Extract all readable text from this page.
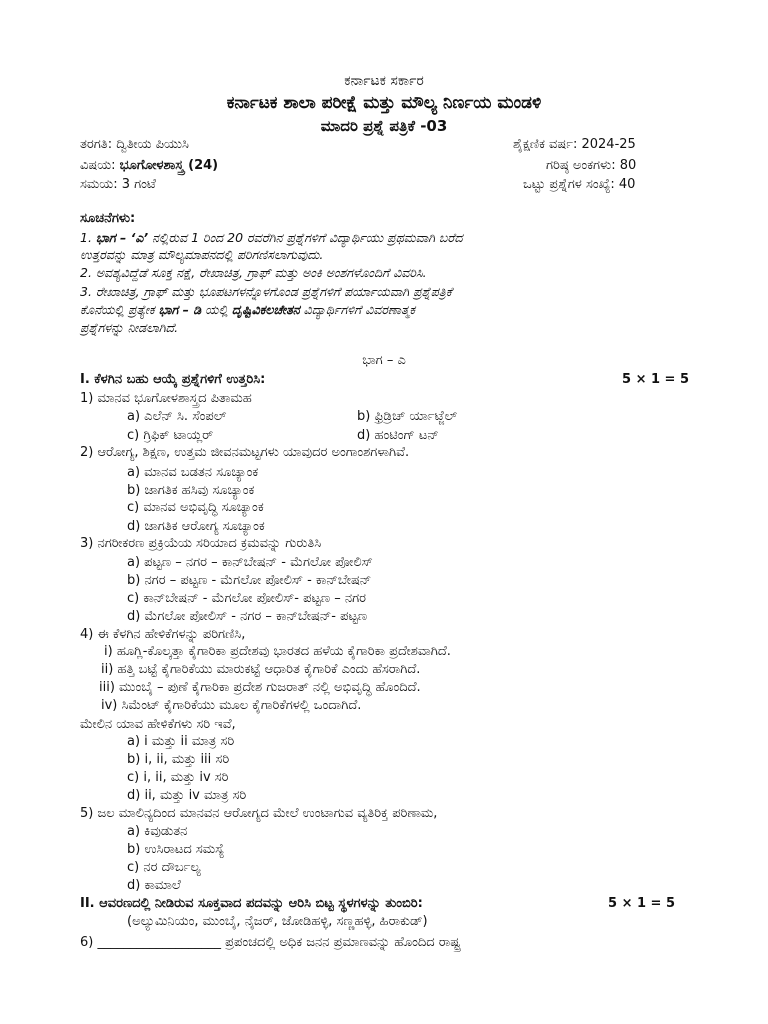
ಕರ್ನಾಟಕ ಸರ್ಕಾರ
ಕರ್ನಾಟಕ ಶಾಲಾ ಪರೀಕ್ಷೆ ಮತ್ತು ಮೌಲ್ಯ ನಿರ್ಣಯ ಮಂಡಳಿ
ಮಾದರಿ ಪ್ರಶ್ನೆ ಪತ್ರಿಕೆ -03
ತರಗತಿ: ದ್ವಿತೀಯ ಪಿಯುಸಿ	ಶೈಕ್ಷಣಿಕ ವರ್ಷ: 2024-25
ವಿಷಯ: ಭೂಗೋಳಶಾಸ್ತ್ರ (24)	ಗರಿಷ್ಠ ಅಂಕಗಳು: 80
ಸಮಯ: 3 ಗಂಟೆ	ಒಟ್ಟು ಪ್ರಶ್ನೆಗಳ ಸಂಖ್ಯೆ: 40
ಸೂಚನೆಗಳು:
1. ಭಾಗ – ‘ಎ’ ನಲ್ಲಿರುವ 1 ರಿಂದ 20 ರವರೆಗಿನ ಪ್ರಶ್ನೆಗಳಿಗೆ ವಿದ್ಯಾರ್ಥಿಯು ಪ್ರಥಮವಾಗಿ ಬರೆದ
ಉತ್ತರವನ್ನು ಮಾತ್ರ ಮೌಲ್ಯಮಾಪನದಲ್ಲಿ ಪರಿಗಣಿಸಲಾಗುವುದು.
2. ಅವಶ್ಯವಿದ್ದೆಡೆ ಸೂಕ್ತ ನಕ್ಷೆ, ರೇಖಾಚಿತ್ರ, ಗ್ರಾಫ್ ಮತ್ತು ಅಂಕಿ ಅಂಶಗಳೊಂದಿಗೆ ವಿವರಿಸಿ.
3. ರೇಖಾಚಿತ್ರ, ಗ್ರಾಫ್ ಮತ್ತು ಭೂಪಟಗಳನ್ನೊಳಗೊಂಡ ಪ್ರಶ್ನೆಗಳಿಗೆ ಪರ್ಯಾಯವಾಗಿ ಪ್ರಶ್ನೆಪತ್ರಿಕೆ
ಕೊನೆಯಲ್ಲಿ ಪ್ರತ್ಯೇಕ ಭಾಗ – ಡಿ ಯಲ್ಲಿ ದೃಷ್ಟಿವಿಕಲಚೇತನ ವಿದ್ಯಾರ್ಥಿಗಳಿಗೆ ವಿವರಣಾತ್ಮಕ
ಪ್ರಶ್ನೆಗಳನ್ನು ನೀಡಲಾಗಿದೆ.
ಭಾಗ – ಎ
I. ಕೆಳಗಿನ ಬಹು ಆಯ್ಕೆ ಪ್ರಶ್ನೆಗಳಿಗೆ ಉತ್ತರಿಸಿ:	5 × 1 = 5
1) ಮಾನವ ಭೂಗೋಳಶಾಸ್ತ್ರದ ಪಿತಾಮಹ
a) ಎಲೆನ್ ಸಿ. ಸೆಂಪಲ್	b) ಫ್ರಿಡ್ರಿಚ್ ರ್ಯಾಟ್ಜೆಲ್
c) ಗ್ರಿಫಿಕ್ ಟಾಯ್ಲರ್	d) ಹಂಟಿಂಗ್ ಟನ್
2) ಆರೋಗ್ಯ, ಶಿಕ್ಷಣ, ಉತ್ತಮ ಜೀವನಮಟ್ಟಗಳು ಯಾವುದರ ಅಂಗಾಂಶಗಳಾಗಿವೆ.
a) ಮಾನವ ಬಡತನ ಸೂಚ್ಯಾಂಕ
b) ಜಾಗತಿಕ ಹಸಿವು ಸೂಚ್ಯಾಂಕ
c) ಮಾನವ ಅಭಿವೃದ್ಧಿ ಸೂಚ್ಯಾಂಕ
d) ಜಾಗತಿಕ ಆರೋಗ್ಯ ಸೂಚ್ಯಾಂಕ
3) ನಗರೀಕರಣ ಪ್ರಕ್ರಿಯೆಯ ಸರಿಯಾದ ಕ್ರಮವನ್ನು ಗುರುತಿಸಿ
a) ಪಟ್ಟಣ – ನಗರ – ಕಾನ್‌ಬೇಷನ್ - ಮೆಗಲೋ ಪೋಲಿಸ್
b) ನಗರ – ಪಟ್ಟಣ - ಮೆಗಲೋ ಪೋಲಿಸ್ - ಕಾನ್‌ಬೇಷನ್
c) ಕಾನ್‌ಬೇಷನ್ - ಮೆಗಲೋ ಪೋಲಿಸ್- ಪಟ್ಟಣ – ನಗರ
d) ಮೆಗಲೋ ಪೋಲಿಸ್ - ನಗರ – ಕಾನ್‌ಬೇಷನ್- ಪಟ್ಟಣ
4) ಈ ಕೆಳಗಿನ ಹೇಳಿಕೆಗಳನ್ನು ಪರಿಗಣಿಸಿ,
i) ಹೂಗ್ಲಿ-ಕೊಲ್ಕತ್ತಾ ಕೈಗಾರಿಕಾ ಪ್ರದೇಶವು ಭಾರತದ ಹಳೆಯ ಕೈಗಾರಿಕಾ ಪ್ರದೇಶವಾಗಿದೆ.
ii) ಹತ್ತಿ ಬಟ್ಟೆ ಕೈಗಾರಿಕೆಯು ಮಾರುಕಟ್ಟೆ ಆಧಾರಿತ ಕೈಗಾರಿಕೆ ಎಂದು ಹೆಸರಾಗಿದೆ.
iii) ಮುಂಬೈ – ಪುಣೆ ಕೈಗಾರಿಕಾ ಪ್ರದೇಶ ಗುಜರಾತ್ ನಲ್ಲಿ ಅಭಿವೃದ್ಧಿ ಹೊಂದಿದೆ.
iv) ಸಿಮೆಂಟ್ ಕೈಗಾರಿಕೆಯು ಮೂಲ ಕೈಗಾರಿಕೆಗಳಲ್ಲಿ ಒಂದಾಗಿದೆ.
ಮೇಲಿನ ಯಾವ ಹೇಳಿಕೆಗಳು ಸರಿ ಇವೆ,
a) i ಮತ್ತು ii ಮಾತ್ರ ಸರಿ
b) i, ii, ಮತ್ತು iii ಸರಿ
c) i, ii, ಮತ್ತು iv ಸರಿ
d) ii, ಮತ್ತು iv ಮಾತ್ರ ಸರಿ
5) ಜಲ ಮಾಲಿನ್ಯದಿಂದ ಮಾನವನ ಆರೋಗ್ಯದ ಮೇಲೆ ಉಂಟಾಗುವ ವ್ಯತಿರಿಕ್ತ ಪರಿಣಾಮ,
a) ಕಿವುಡುತನ
b) ಉಸಿರಾಟದ ಸಮಸ್ಯೆ
c) ನರ ದೌರ್ಬಲ್ಯ
d) ಕಾಮಾಲೆ
II. ಆವರಣದಲ್ಲಿ ನೀಡಿರುವ ಸೂಕ್ತವಾದ ಪದವನ್ನು ಆರಿಸಿ ಬಿಟ್ಟ ಸ್ಥಳಗಳನ್ನು ತುಂಬಿರಿ:	5 × 1 = 5
(ಅಲ್ಯುಮಿನಿಯಂ, ಮುಂಬೈ, ನೈಜರ್, ಜೋಡಿಹಳ್ಳಿ, ಸಣ್ಣಹಳ್ಳಿ, ಹಿರಾಕುಡ್)
6) ___________________ ಪ್ರಪಂಚದಲ್ಲಿ ಅಧಿಕ ಜನನ ಪ್ರಮಾಣವನ್ನು ಹೊಂದಿದ ರಾಷ್ಟ್ರ
